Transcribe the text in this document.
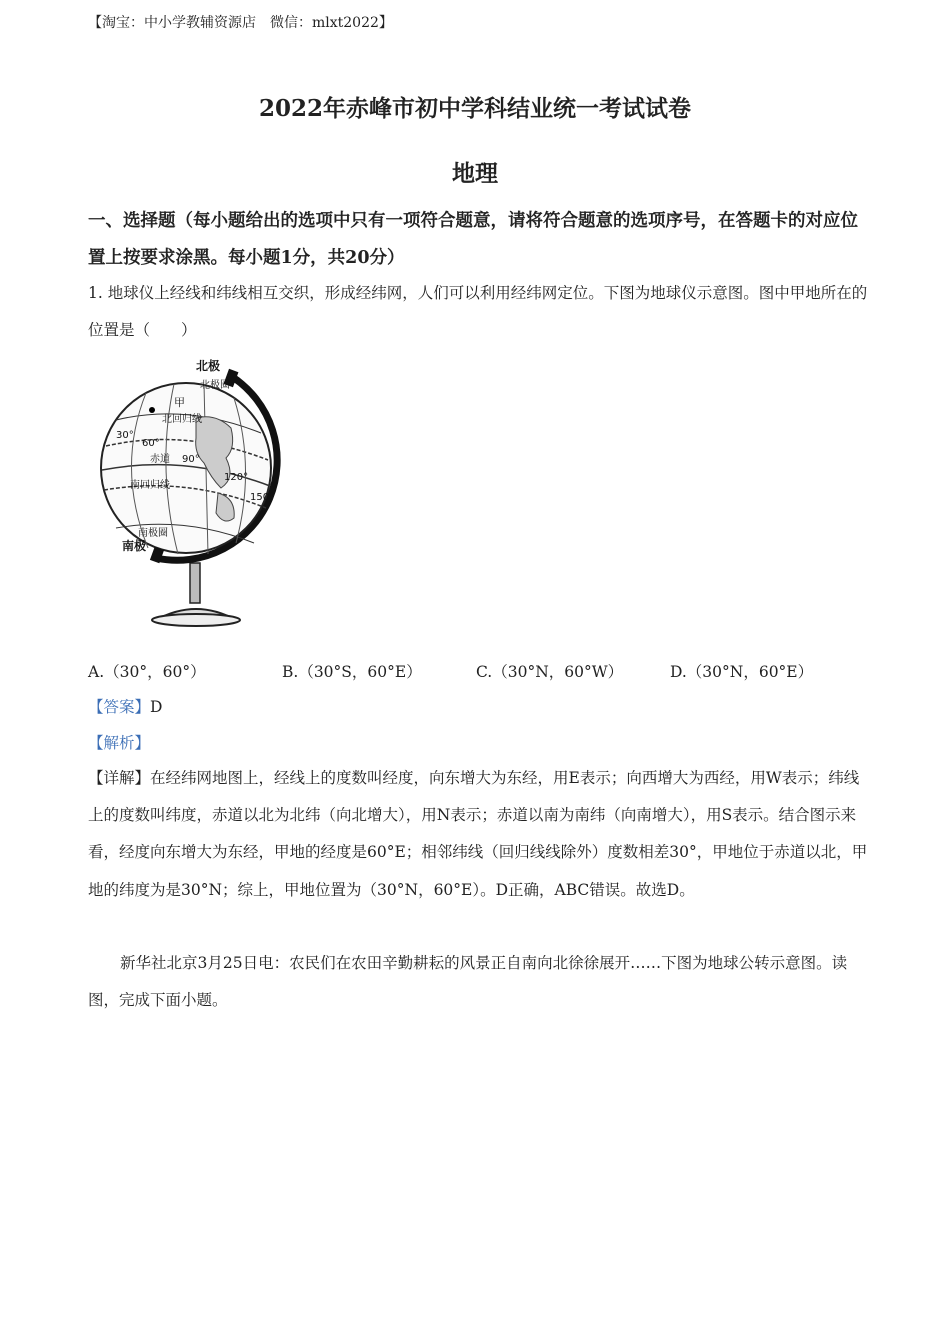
【淘宝：中小学教辅资源店　微信：mlxt2022】
2022年赤峰市初中学科结业统一考试试卷
地理
一、选择题（每小题给出的选项中只有一项符合题意，请将符合题意的选项序号，在答题卡的对应位置上按要求涂黑。每小题1分，共20分）
1. 地球仪上经线和纬线相互交织，形成经纬网，人们可以利用经纬网定位。下图为地球仪示意图。图中甲地所在的位置是（　　）
北极
北极圈
甲
北回归线
30°
60°
赤道 90°
120°
150°
南回归线
南极圈
南极
A.（30°，60°）	B.（30°S，60°E）	C.（30°N，60°W）	D.（30°N，60°E）
【答案】D
【解析】
【详解】在经纬网地图上，经线上的度数叫经度，向东增大为东经，用E表示；向西增大为西经，用W表示；纬线上的度数叫纬度，赤道以北为北纬（向北增大），用N表示；赤道以南为南纬（向南增大），用S表示。结合图示来看，经度向东增大为东经，甲地的经度是60°E；相邻纬线（回归线线除外）度数相差30°，甲地位于赤道以北，甲地的纬度为是30°N；综上，甲地位置为（30°N，60°E）。D正确，ABC错误。故选D。
新华社北京3月25日电：农民们在农田辛勤耕耘的风景正自南向北徐徐展开……下图为地球公转示意图。读图，完成下面小题。
